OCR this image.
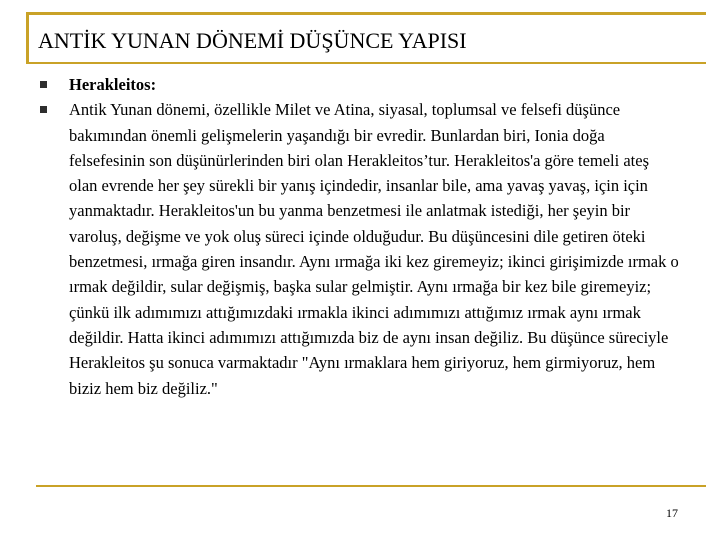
ANTİK YUNAN DÖNEMİ DÜŞÜNCE YAPISI
Herakleitos:
Antik Yunan dönemi, özellikle Milet ve Atina, siyasal, toplumsal ve felsefi düşünce bakımından önemli gelişmelerin yaşandığı bir evredir. Bunlardan biri, Ionia doğa felsefesinin son düşünürlerinden biri olan Herakleitos’tur. Herakleitos'a göre temeli ateş olan evrende her şey sürekli bir yanış içindedir, insanlar bile, ama yavaş yavaş, için için yanmaktadır. Herakleitos'un bu yanma benzetmesi ile anlatmak istediği, her şeyin bir varoluş, değişme ve yok oluş süreci içinde olduğudur. Bu düşüncesini dile getiren öteki benzetmesi, ırmağa giren insandır. Aynı ırmağa iki kez giremeyiz; ikinci girişimizde ırmak o ırmak değildir, sular değişmiş, başka sular gelmiştir. Aynı ırmağa bir kez bile giremeyiz; çünkü ilk adımımızı attığımızdaki ırmakla ikinci adımımızı attığımız ırmak aynı ırmak değildir. Hatta ikinci adımımızı attığımızda biz de aynı insan değiliz. Bu düşünce süreciyle Herakleitos şu sonuca varmaktadır "Aynı ırmaklara hem giriyoruz, hem girmiyoruz, hem biziz hem biz değiliz."
17
